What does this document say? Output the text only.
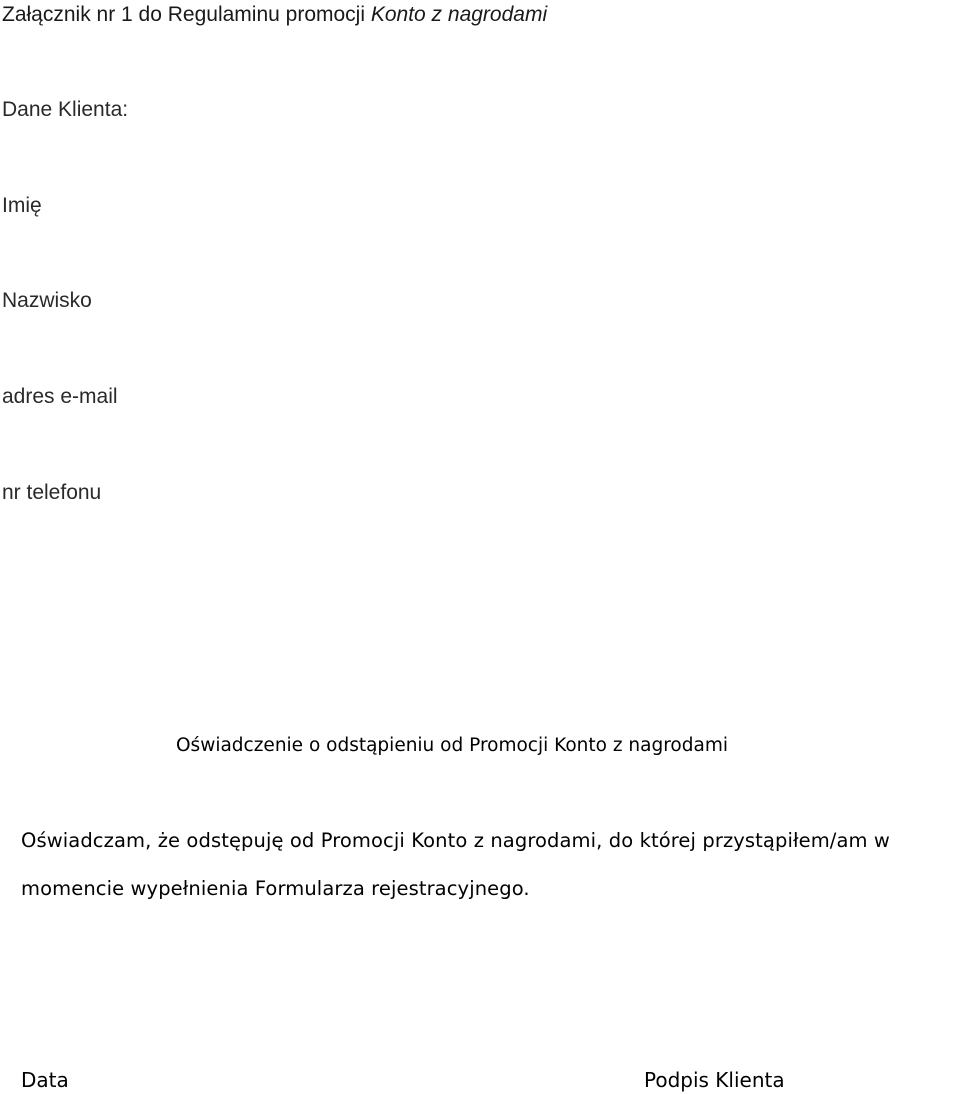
Załącznik nr 1 do Regulaminu promocji Konto z nagrodami
Dane Klienta:
Imię
Nazwisko
adres e-mail
nr telefonu
Oświadczenie o odstąpieniu od Promocji Konto z nagrodami
Oświadczam, że odstępuję od Promocji Konto z nagrodami, do której przystąpiłem/am w
momencie wypełnienia Formularza rejestracyjnego.
Data	Podpis Klienta
